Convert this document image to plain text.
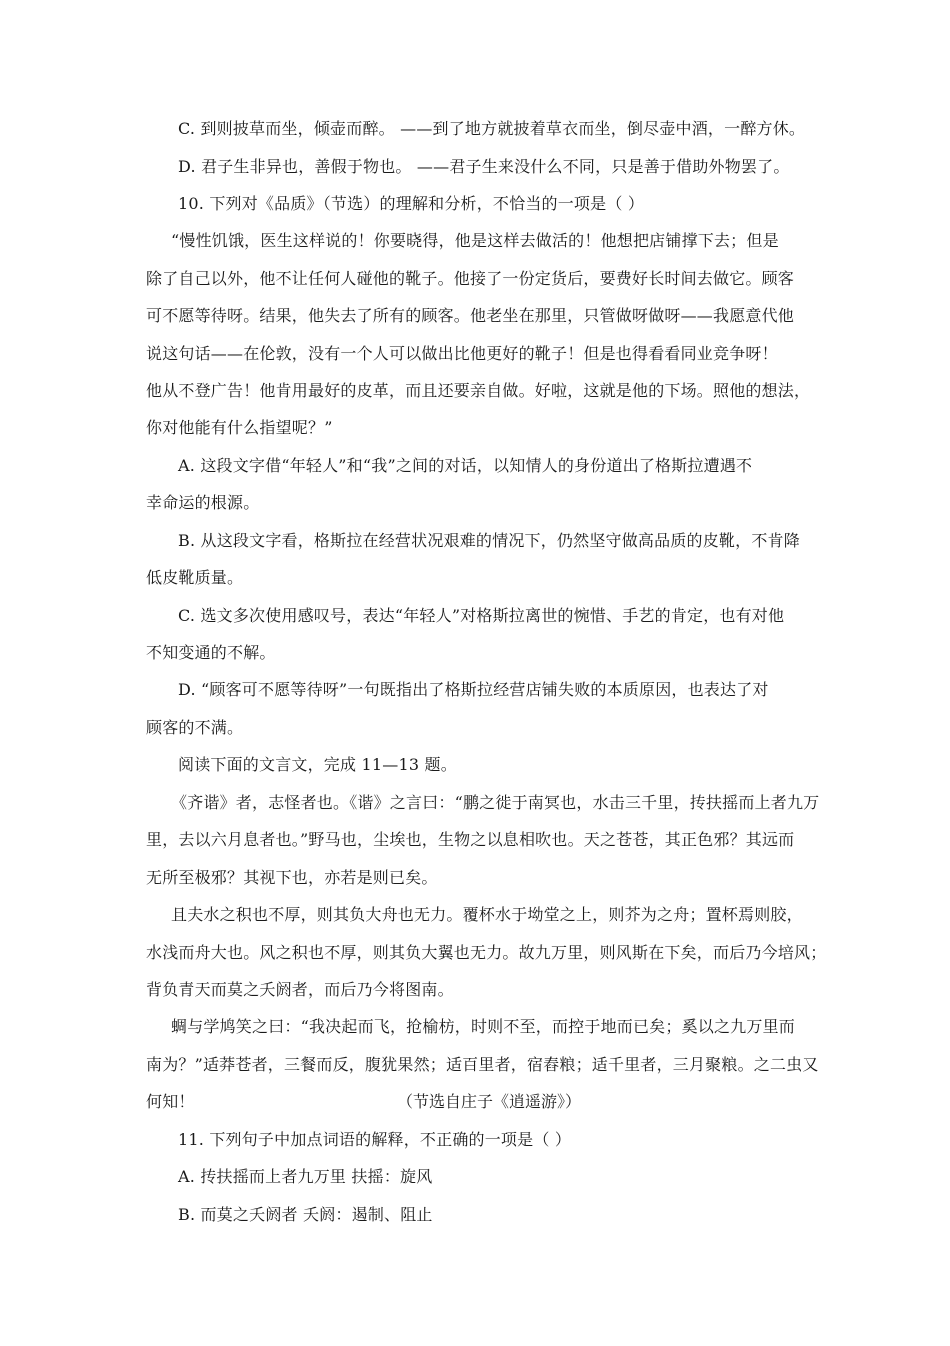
C. 到则披草而坐，倾壶而醉。 ——到了地方就披着草衣而坐，倒尽壶中酒，一醉方休。
D. 君子生非异也，善假于物也。 ——君子生来没什么不同，只是善于借助外物罢了。
10. 下列对《品质》（节选）的理解和分析，不恰当的一项是（ ）
“慢性饥饿，医生这样说的！你要晓得，他是这样去做活的！他想把店铺撑下去；但是
除了自己以外，他不让任何人碰他的靴子。他接了一份定货后，要费好长时间去做它。顾客
可不愿等待呀。结果，他失去了所有的顾客。他老坐在那里，只管做呀做呀——我愿意代他
说这句话——在伦敦，没有一个人可以做出比他更好的靴子！但是也得看看同业竞争呀！
他从不登广告！他肯用最好的皮革，而且还要亲自做。好啦，这就是他的下场。照他的想法，
你对他能有什么指望呢？”
A. 这段文字借“年轻人”和“我”之间的对话，以知情人的身份道出了格斯拉遭遇不
幸命运的根源。
B. 从这段文字看，格斯拉在经营状况艰难的情况下，仍然坚守做高品质的皮靴，不肯降
低皮靴质量。
C. 选文多次使用感叹号，表达“年轻人”对格斯拉离世的惋惜、手艺的肯定，也有对他
不知变通的不解。
D. “顾客可不愿等待呀”一句既指出了格斯拉经营店铺失败的本质原因，也表达了对
顾客的不满。
阅读下面的文言文，完成 11—13 题。
《齐谐》者，志怪者也。《谐》之言曰：“鹏之徙于南冥也，水击三千里，抟扶摇而上者九万
里，去以六月息者也。”野马也，尘埃也，生物之以息相吹也。天之苍苍，其正色邪？其远而
无所至极邪？其视下也，亦若是则已矣。
且夫水之积也不厚，则其负大舟也无力。覆杯水于坳堂之上，则芥为之舟；置杯焉则胶，
水浅而舟大也。风之积也不厚，则其负大翼也无力。故九万里，则风斯在下矣，而后乃今培风；
背负青天而莫之夭阏者，而后乃今将图南。
蜩与学鸠笑之曰：“我决起而飞，抢榆枋，时则不至，而控于地而已矣；奚以之九万里而
南为？”适莽苍者，三餐而反，腹犹果然；适百里者，宿舂粮；适千里者，三月聚粮。之二虫又
何知！	（节选自庄子《逍遥游》）
11. 下列句子中加点词语的解释，不正确的一项是（ ）
A. 抟扶摇而上者九万里 扶摇：旋风
B. 而莫之夭阏者 夭阏：遏制、阻止
